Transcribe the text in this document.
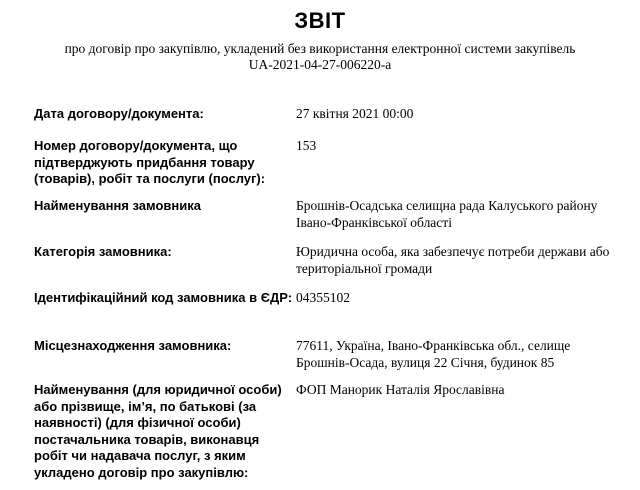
ЗВІТ
про договір про закупівлю, укладений без використання електронної системи закупівель
UA-2021-04-27-006220-a
Дата договору/документа:	27 квітня 2021 00:00
Номер договору/документа, що підтверджують придбання товару (товарів), робіт та послуги (послуг):
153
Найменування замовника	Брошнів-Осадська селищна рада Калуського району Івано-Франківської області
Категорія замовника:	Юридична особа, яка забезпечує потреби держави або територіальної громади
Ідентифікаційний код замовника в ЄДР: 04355102
Місцезнаходження замовника:	77611, Україна, Івано-Франківська обл., селище Брошнів-Осада, вулиця 22 Січня, будинок 85
Найменування (для юридичної особи) або прізвище, ім’я, по батькові (за наявності) (для фізичної особи) постачальника товарів, виконавця робіт чи надавача послуг, з яким укладено договір про закупівлю:
ФОП Манорик Наталія Ярославівна
